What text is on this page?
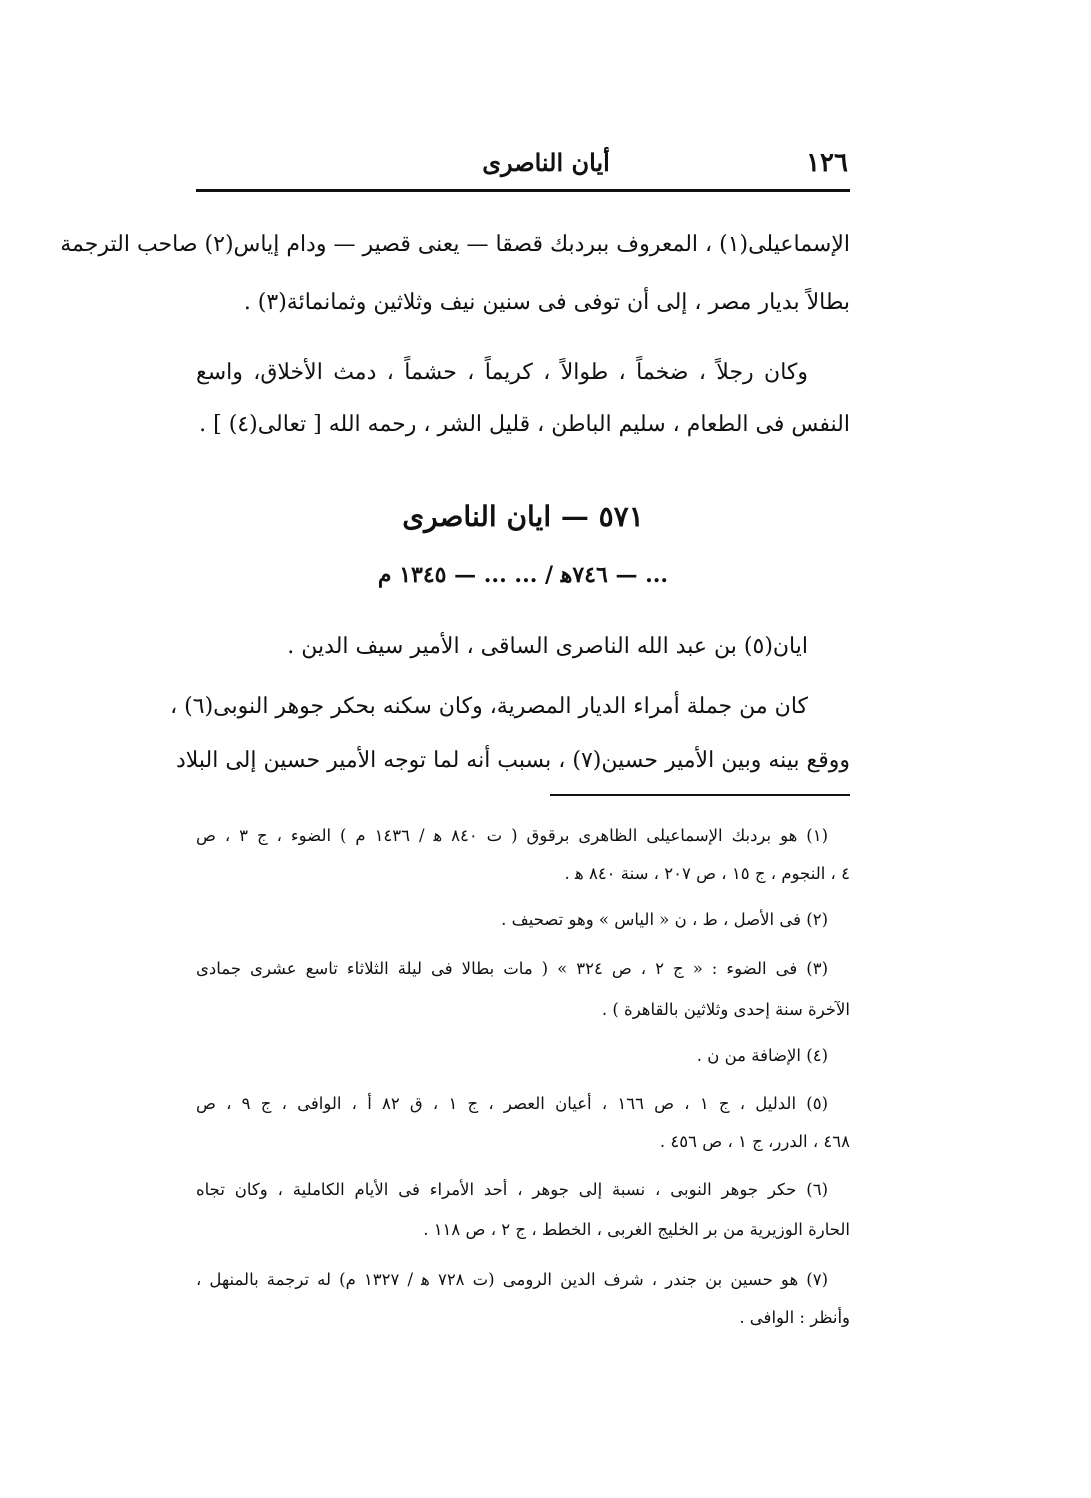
١٢٦
أيان الناصرى
الإسماعيلى(١) ، المعروف ببردبك قصقا — يعنى قصير — ودام إياس(٢) صاحب الترجمة
بطالاً بديار مصر ، إلى أن توفى فى سنين نيف وثلاثين وثمانمائة(٣) .
وكان رجلاً ، ضخماً ، طوالاً ، كريماً ، حشماً ، دمث الأخلاق، واسع
النفس فى الطعام ، سليم الباطن ، قليل الشر ، رحمه الله [ تعالى(٤) ] .
٥٧١ — ايان الناصرى
... — ٧٤٦ﻫ / ... ... — ١٣٤٥ م
ايان(٥) بن عبد الله الناصرى الساقى ، الأمير سيف الدين .
كان من جملة أمراء الديار المصرية، وكان سكنه بحكر جوهر النوبى(٦) ،
ووقع بينه وبين الأمير حسين(٧) ، بسبب أنه لما توجه الأمير حسين إلى البلاد
(١) هو بردبك الإسماعيلى الظاهرى برقوق ( ت ٨٤٠ ﻫ / ١٤٣٦ م ) الضوء ، ج ٣ ، ص
٤ ، النجوم ، ج ١٥ ، ص ٢٠٧ ، سنة ٨٤٠ ﻫ .
(٢) فى الأصل ، ط ، ن « الياس » وهو تصحيف .
(٣) فى الضوء : « ج ٢ ، ص ٣٢٤ » ( مات بطالا فى ليلة الثلاثاء تاسع عشرى جمادى
الآخرة سنة إحدى وثلاثين بالقاهرة ) .
(٤) الإضافة من ن .
(٥) الدليل ، ج ١ ، ص ١٦٦ ، أعيان العصر ، ج ١ ، ق ٨٢ أ ، الوافى ، ج ٩ ، ص
٤٦٨ ، الدرر، ج ١ ، ص ٤٥٦ .
(٦) حكر جوهر النوبى ، نسبة إلى جوهر ، أحد الأمراء فى الأيام الكاملية ، وكان تجاه
الحارة الوزيرية من بر الخليج الغربى ، الخطط ، ج ٢ ، ص ١١٨ .
(٧) هو حسين بن جندر ، شرف الدين الرومى (ت ٧٢٨ ﻫ / ١٣٢٧ م) له ترجمة بالمنهل ،
وأنظر : الوافى .
